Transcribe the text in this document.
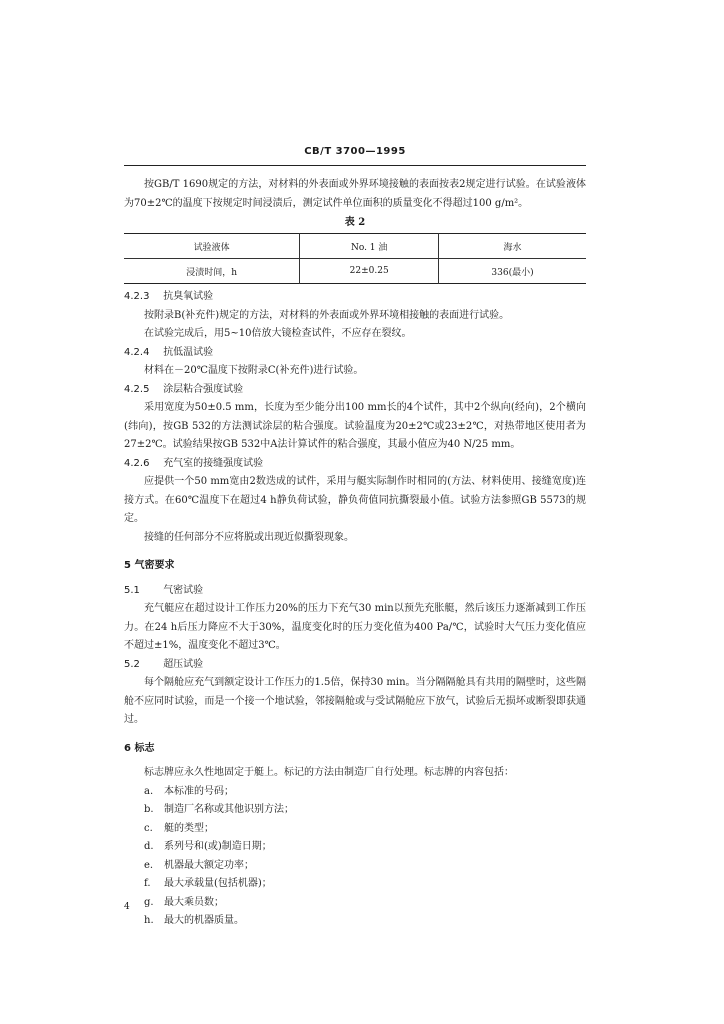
CB/T 3700—1995

按GB/T 1690规定的方法，对材料的外表面或外界环境接触的表面按表2规定进行试验。在试验液体为70±2℃的温度下按规定时间浸渍后，测定试件单位面积的质量变化不得超过100 g/m²。

表 2
试验液体	No. 1 油	海水
浸渍时间，h	22±0.25	336(最小)
4.2.3 抗臭氧试验

按附录B(补充件)规定的方法，对材料的外表面或外界环境相接触的表面进行试验。

在试验完成后，用5~10倍放大镜检查试件，不应存在裂纹。

4.2.4 抗低温试验

材料在－20℃温度下按附录C(补充件)进行试验。

4.2.5 涂层粘合强度试验

采用宽度为50±0.5 mm，长度为至少能分出100 mm长的4个试件，其中2个纵向(经向)，2个横向(纬向)，按GB 532的方法测试涂层的粘合强度。试验温度为20±2℃或23±2℃，对热带地区使用者为27±2℃。试验结果按GB 532中A法计算试件的粘合强度，其最小值应为40 N/25 mm。

4.2.6 充气室的接缝强度试验

应提供一个50 mm宽由2数迭成的试件，采用与艇实际制作时相同的(方法、材料使用、接缝宽度)连接方式。在60℃温度下在超过4 h静负荷试验，静负荷值同抗撕裂最小值。试验方法参照GB 5573的规定。

接缝的任何部分不应将脱或出现近似撕裂现象。

5 气密要求
5.1 气密试验

充气艇应在超过设计工作压力20%的压力下充气30 min以预先充胀艇，然后该压力逐渐减到工作压力。在24 h后压力降应不大于30%，温度变化时的压力变化值为400 Pa/℃，试验时大气压力变化值应不超过±1%，温度变化不超过3℃。

5.2 超压试验

每个隔舱应充气到额定设计工作压力的1.5倍，保持30 min。当分隔隔舱具有共用的隔壁时，这些隔舱不应同时试验，而是一个接一个地试验，邻接隔舱或与受试隔舱应下放气，试验后无损坏或断裂即获通过。

6 标志

标志牌应永久性地固定于艇上。标记的方法由制造厂自行处理。标志牌的内容包括：

a. 本标准的号码；
b. 制造厂名称或其他识别方法；
c. 艇的类型；
d. 系列号和(或)制造日期；
e. 机器最大额定功率；
f. 最大承载量(包括机器)；
g. 最大乘员数；
h. 最大的机器质量。
4
